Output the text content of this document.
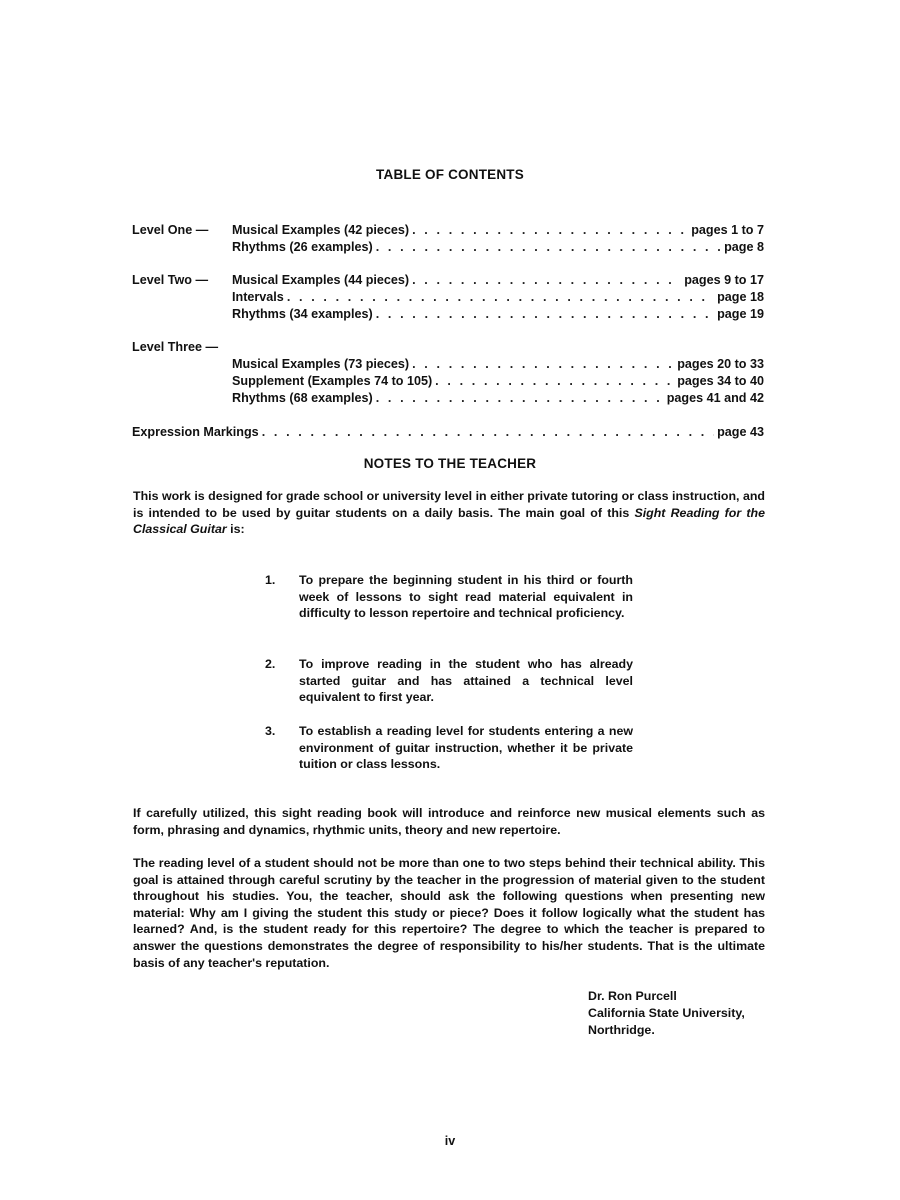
TABLE OF CONTENTS
Level One — Musical Examples (42 pieces) . . .	pages 1 to 7
Rhythms (26 examples) . . .	page 8
Level Two — Musical Examples (44 pieces) . . .	pages 9 to 17
Intervals . . .	page 18
Rhythms (34 examples) . . .	page 19
Level Three —
Musical Examples (73 pieces) . . .	pages 20 to 33
Supplement (Examples 74 to 105) . . .	pages 34 to 40
Rhythms (68 examples) . . .	pages 41 and 42
Expression Markings . . .	page 43
NOTES TO THE TEACHER

This work is designed for grade school or university level in either private tutoring or class instruction, and is intended to be used by guitar students on a daily basis. The main goal of this Sight Reading for the Classical Guitar is:

1. To prepare the beginning student in his third or fourth week of lessons to sight read material equivalent in difficulty to lesson repertoire and technical proficiency.
2. To improve reading in the student who has already started guitar and has attained a technical level equivalent to first year.
3. To establish a reading level for students entering a new environment of guitar instruction, whether it be private tuition or class lessons.

If carefully utilized, this sight reading book will introduce and reinforce new musical elements such as form, phrasing and dynamics, rhythmic units, theory and new repertoire.

The reading level of a student should not be more than one to two steps behind their technical ability. This goal is attained through careful scrutiny by the teacher in the progression of material given to the student throughout his studies. You, the teacher, should ask the following questions when presenting new material: Why am I giving the student this study or piece? Does it follow logically what the student has learned? And, is the student ready for this repertoire? The degree to which the teacher is prepared to answer the questions demonstrates the degree of responsibility to his/her students. That is the ultimate basis of any teacher's reputation.

Dr. Ron Purcell
California State University,
Northridge.
iv
